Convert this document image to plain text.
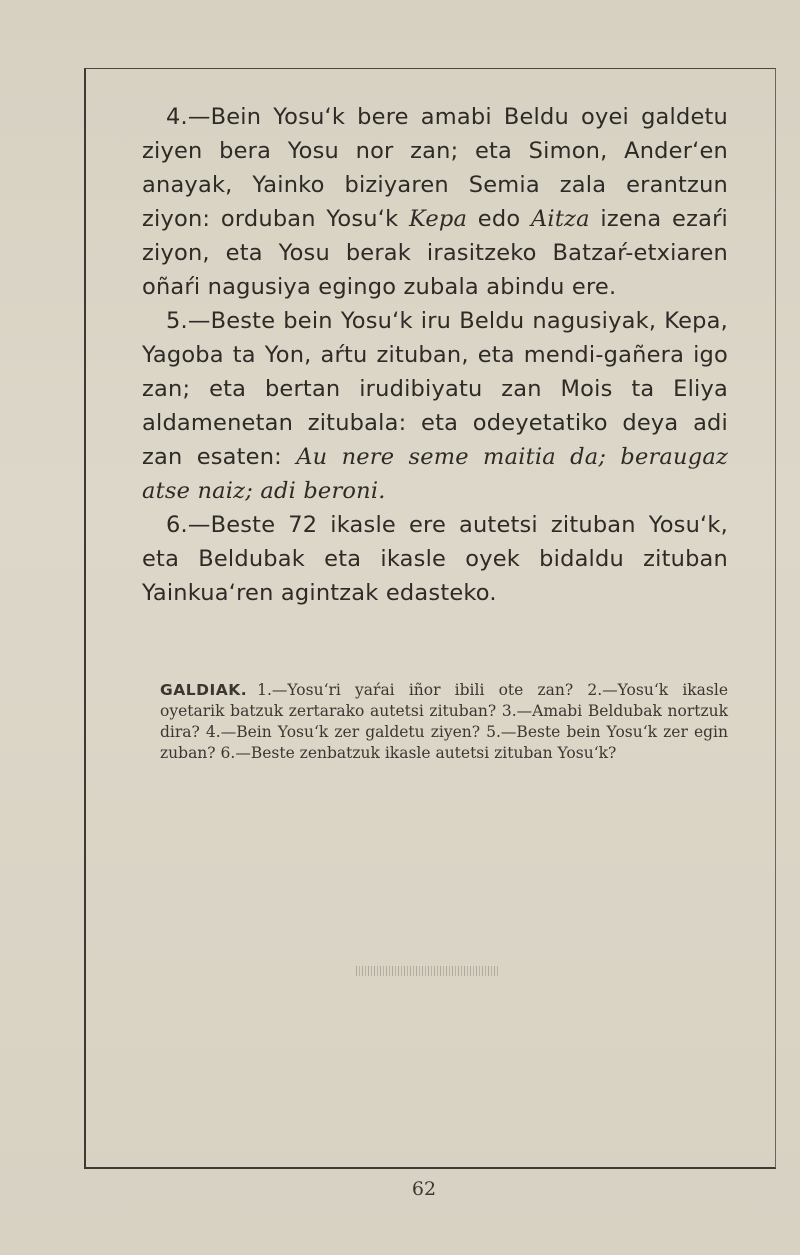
4.—Bein Yosu‘k bere amabi Beldu oyei galdetu ziyen bera Yosu nor zan; eta Simon, Ander‘en anayak, Yainko biziyaren Semia zala erantzun ziyon: orduban Yosu‘k Kepa edo Aitza izena ezaŕi ziyon, eta Yosu berak irasitzeko Batzaŕ-etxiaren oñaŕi nagusiya egingo zubala abindu ere.

5.—Beste bein Yosu‘k iru Beldu nagusiyak, Kepa, Yagoba ta Yon, aŕtu zituban, eta mendi-gañera igo zan; eta bertan irudibiyatu zan Mois ta Eliya aldamenetan zitubala: eta odeyetatiko deya adi zan esaten: Au nere seme maitia da; beraugaz atse naiz; adi beroni.

6.—Beste 72 ikasle ere autetsi zituban Yosu‘k, eta Beldubak eta ikasle oyek bidaldu zituban Yainkua‘ren agintzak edasteko.

GALDIAK. 1.—Yosu‘ri yaŕai iñor ibili ote zan? 2.—Yosu‘k ikasle oyetarik batzuk zertarako autetsi zituban? 3.—Amabi Beldubak nortzuk dira? 4.—Bein Yosu‘k zer galdetu ziyen? 5.—Beste bein Yosu‘k zer egin zuban? 6.—Beste zenbatzuk ikasle autetsi zituban Yosu‘k?
62
